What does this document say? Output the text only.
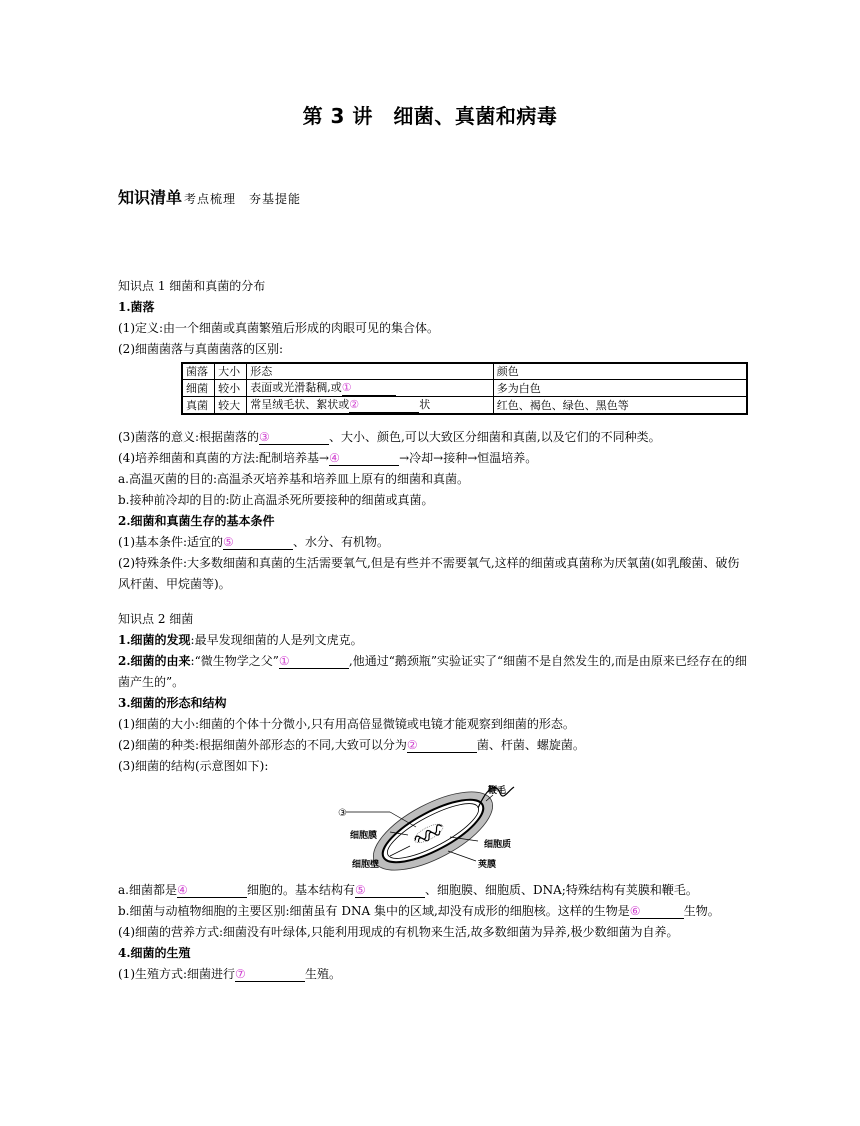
第 3 讲　细菌、真菌和病毒
知识清单 考点梳理　夯基提能
知识点 1 细菌和真菌的分布
1.菌落
(1)定义:由一个细菌或真菌繁殖后形成的肉眼可见的集合体。
(2)细菌菌落与真菌菌落的区别:
菌落	大小	形态	颜色
细菌	较小	表面或光滑黏稠,或①	多为白色
真菌	较大	常呈绒毛状、絮状或② 状	红色、褐色、绿色、黑色等
(3)菌落的意义:根据菌落的③	、大小、颜色,可以大致区分细菌和真菌,以及它们的不同种类。
(4)培养细菌和真菌的方法:配制培养基→④	→冷却→接种→恒温培养。
a.高温灭菌的目的:高温杀灭培养基和培养皿上原有的细菌和真菌。
b.接种前冷却的目的:防止高温杀死所要接种的细菌或真菌。
2.细菌和真菌生存的基本条件
(1)基本条件:适宜的⑤	、水分、有机物。
(2)特殊条件:大多数细菌和真菌的生活需要氧气,但是有些并不需要氧气,这样的细菌或真菌称为厌氧菌(如乳酸菌、破伤风杆菌、甲烷菌等)。
知识点 2 细菌
1.细菌的发现:最早发现细菌的人是列文虎克。
2.细菌的由来:“微生物学之父”①	,他通过“鹅颈瓶”实验证实了“细菌不是自然发生的,而是由原来已经存在的细菌产生的”。
3.细菌的形态和结构
(1)细菌的大小:细菌的个体十分微小,只有用高倍显微镜或电镜才能观察到细菌的形态。
(2)细菌的种类:根据细菌外部形态的不同,大致可以分为②	菌、杆菌、螺旋菌。
(3)细菌的结构(示意图如下):
鞭毛
③
细胞膜
细胞质
细胞壁	荚膜
a.细菌都是④	细胞的。基本结构有⑤	、细胞膜、细胞质、DNA;特殊结构有荚膜和鞭毛。
b.细菌与动植物细胞的主要区别:细菌虽有 DNA 集中的区域,却没有成形的细胞核。这样的生物是⑥	生物。
(4)细菌的营养方式:细菌没有叶绿体,只能利用现成的有机物来生活,故多数细菌为异养,极少数细菌为自养。
4.细菌的生殖
(1)生殖方式:细菌进行⑦	生殖。
